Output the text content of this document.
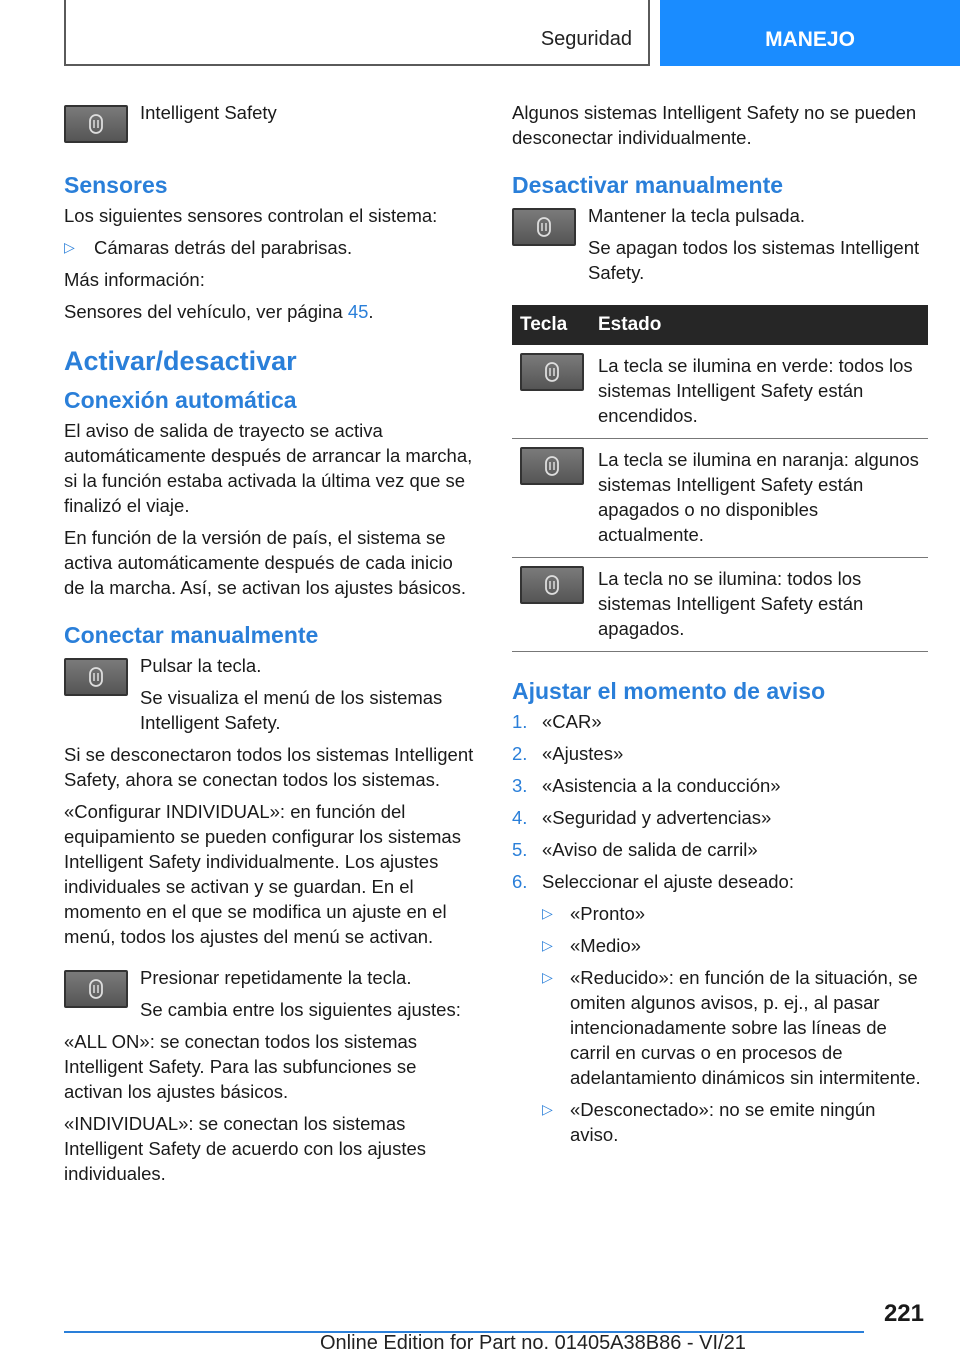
Seguridad	MANEJO

Intelligent Safety

Sensores

Los siguientes sensores controlan el sistema:

▷ Cámaras detrás del parabrisas.

Más información:

Sensores del vehículo, ver página 45.

Activar/desactivar
Conexión automática

El aviso de salida de trayecto se activa automáticamente después de arrancar la marcha, si la función estaba activada la última vez que se finalizó el viaje.

En función de la versión de país, el sistema se activa automáticamente después de cada inicio de la marcha. Así, se activan los ajustes básicos.

Conectar manualmente

Pulsar la tecla.

Se visualiza el menú de los sistemas Intelligent Safety.

Si se desconectaron todos los sistemas Intelligent Safety, ahora se conectan todos los sistemas.

«Configurar INDIVIDUAL»: en función del equipamiento se pueden configurar los sistemas Intelligent Safety individualmente. Los ajustes individuales se activan y se guardan. En el momento en el que se modifica un ajuste en el menú, todos los ajustes del menú se activan.

Presionar repetidamente la tecla.

Se cambia entre los siguientes ajustes:

«ALL ON»: se conectan todos los sistemas Intelligent Safety. Para las subfunciones se activan los ajustes básicos.

«INDIVIDUAL»: se conectan los sistemas Intelligent Safety de acuerdo con los ajustes individuales.

Algunos sistemas Intelligent Safety no se pueden desconectar individualmente.

Desactivar manualmente

Mantener la tecla pulsada.

Se apagan todos los sistemas Intelligent Safety.

Tecla	Estado

	La tecla se ilumina en verde: todos los sistemas Intelligent Safety están encendidos.

	La tecla se ilumina en naranja: algunos sistemas Intelligent Safety están apagados o no disponibles actualmente.

	La tecla no se ilumina: todos los sistemas Intelligent Safety están apagados.
Ajustar el momento de aviso

1. «CAR»

2. «Ajustes»

3. «Asistencia a la conducción»

4. «Seguridad y advertencias»

5. «Aviso de salida de carril»

6. Seleccionar el ajuste deseado:

▷ «Pronto»

▷ «Medio»

▷ «Reducido»: en función de la situación, se omiten algunos avisos, p. ej., al pasar intencionadamente sobre las líneas de carril en curvas o en procesos de adelantamiento dinámicos sin intermitente.

▷ «Desconectado»: no se emite ningún aviso.

221
Online Edition for Part no. 01405A38B86 - VI/21
